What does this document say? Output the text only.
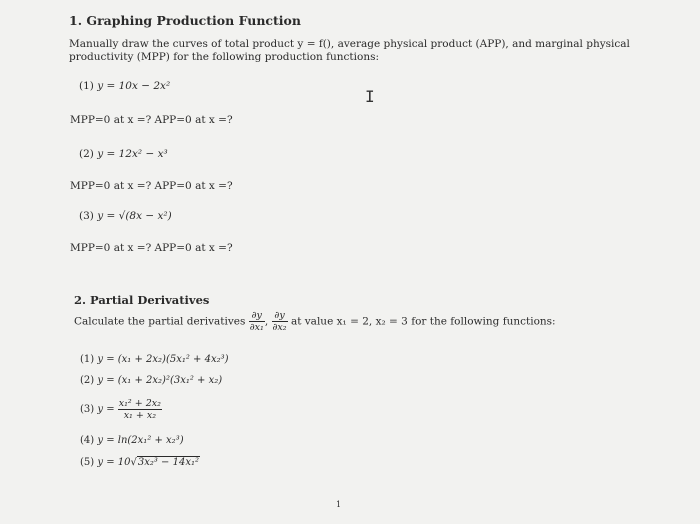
1. Graphing Production Function
Manually draw the curves of total product y = f(), average physical product (APP), and marginal physical
productivity (MPP) for the following production functions:
(1) y = 10x − 2x²
I
MPP=0 at x =? APP=0 at x =?
(2) y = 12x² − x³
MPP=0 at x =? APP=0 at x =?
(3) y = √(8x − x²)
MPP=0 at x =? APP=0 at x =?
2. Partial Derivatives
Calculate the partial derivatives $\frac{\partial y}{\text{∂x₁}}$ , $\frac{\partial y}{\text{∂x₂}}$ at value x₁ = 2, x₂ = 3 for the following functions:
(1) y = (x₁ + 2x₂)(5x₁² + 4x₂³)
(2) y = (x₁ + 2x₂)²(3x₁² + x₂)
(3) $y = \frac{\text{x₁² + 2x₂}}{\text{x₁ + x₂}}$
(4) y = ln(2x₁² + x₂³)
(5) y = 10√3x₂³ − 14x₁²
1
